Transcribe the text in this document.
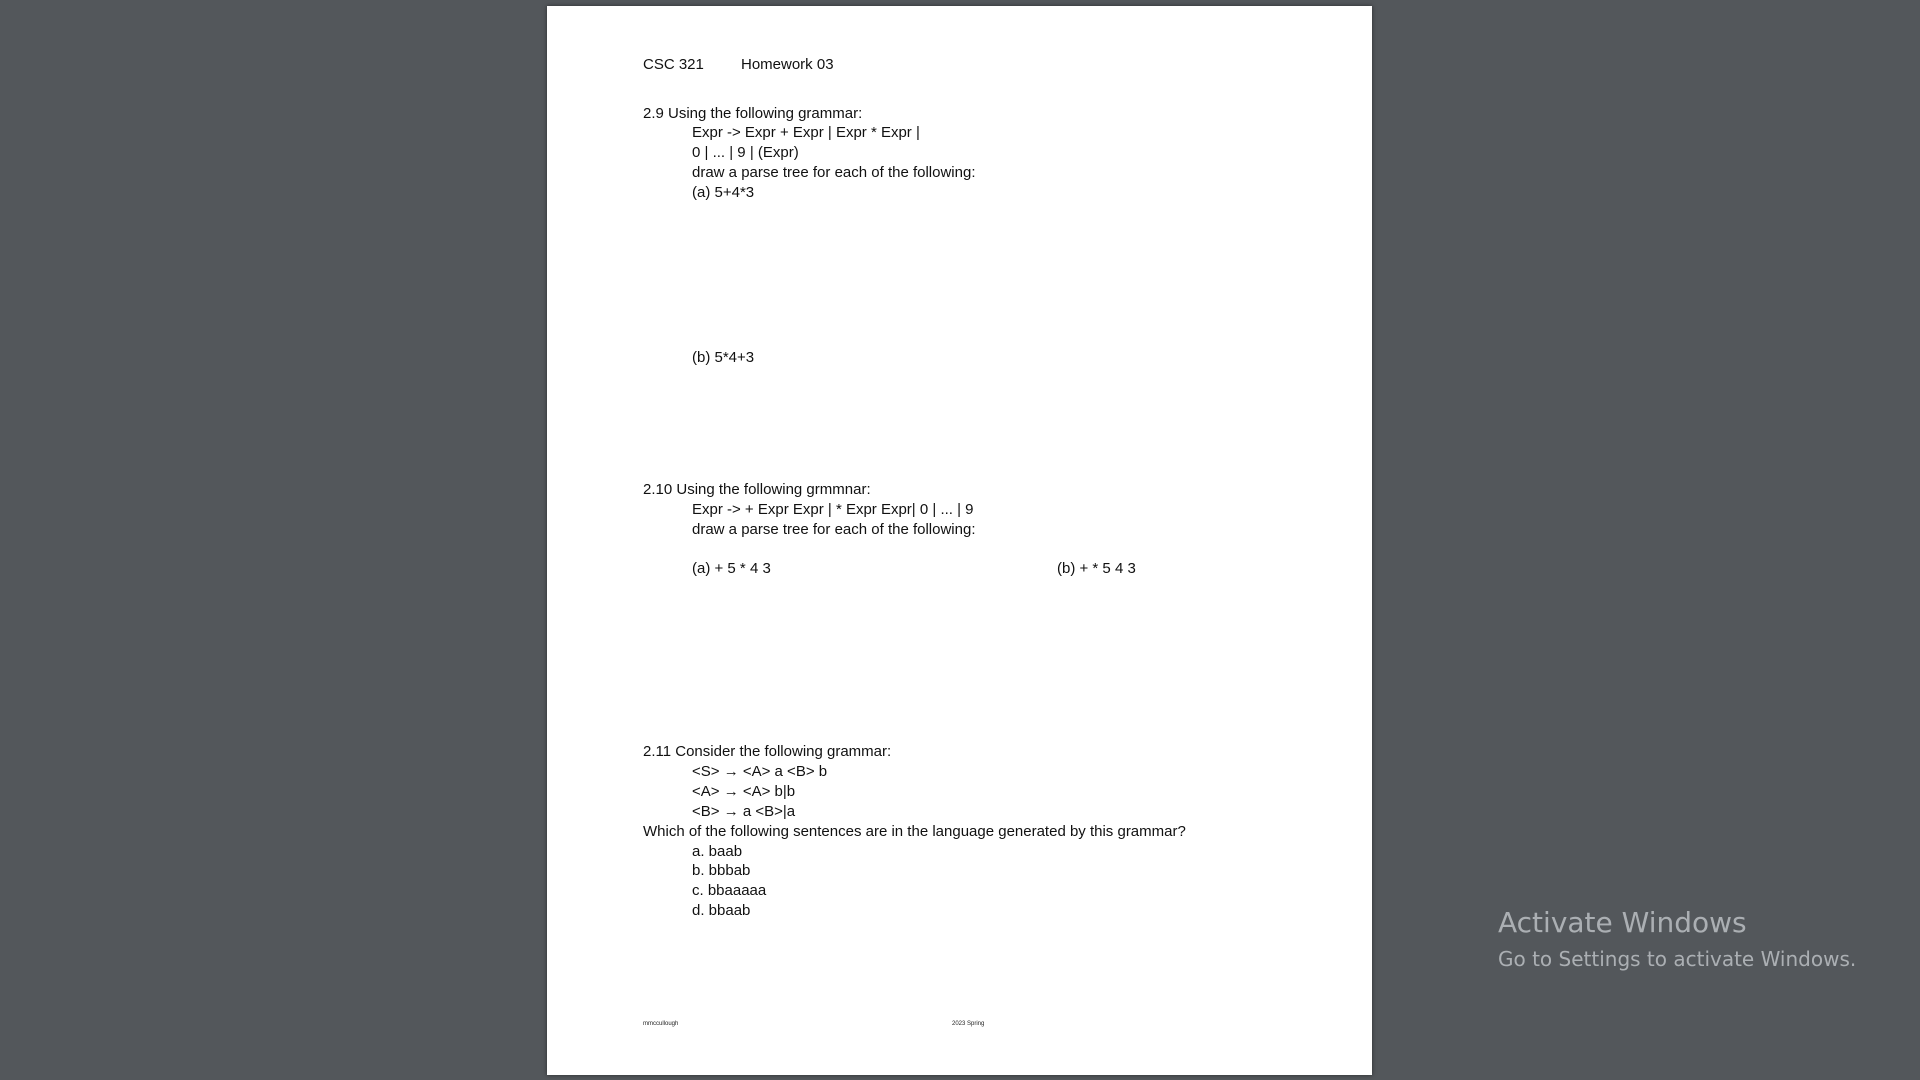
CSC 321 Homework 03
2.9 Using the following grammar:
Expr -> Expr + Expr | Expr * Expr |
0 | ... | 9 | (Expr)
draw a parse tree for each of the following:
(a) 5+4*3
(b) 5*4+3
2.10 Using the following grmmnar:
Expr -> + Expr Expr | * Expr Expr| 0 | ... | 9
draw a parse tree for each of the following:
(a) + 5 * 4 3	(b) + * 5 4 3
2.11 Consider the following grammar:
<S> → <A> a <B> b
<A> → <A> b|b
<B> → a <B>|a
Which of the following sentences are in the language generated by this grammar?
a. baab
b. bbbab
c. bbaaaaa
d. bbaab
mmccullough	2023 Spring
Activate Windows
Go to Settings to activate Windows.
